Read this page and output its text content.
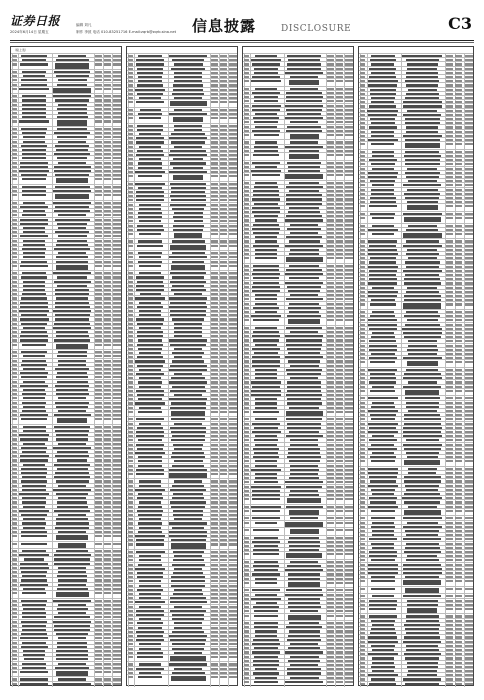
证券日报
2024年6月14日 星期五
编辑 刘凡
制作 李波 电话 010-83251716 E-mail:zqrb@zqrb.sina.net 信息披露	DISCLOSURE	C3
（续上表）
